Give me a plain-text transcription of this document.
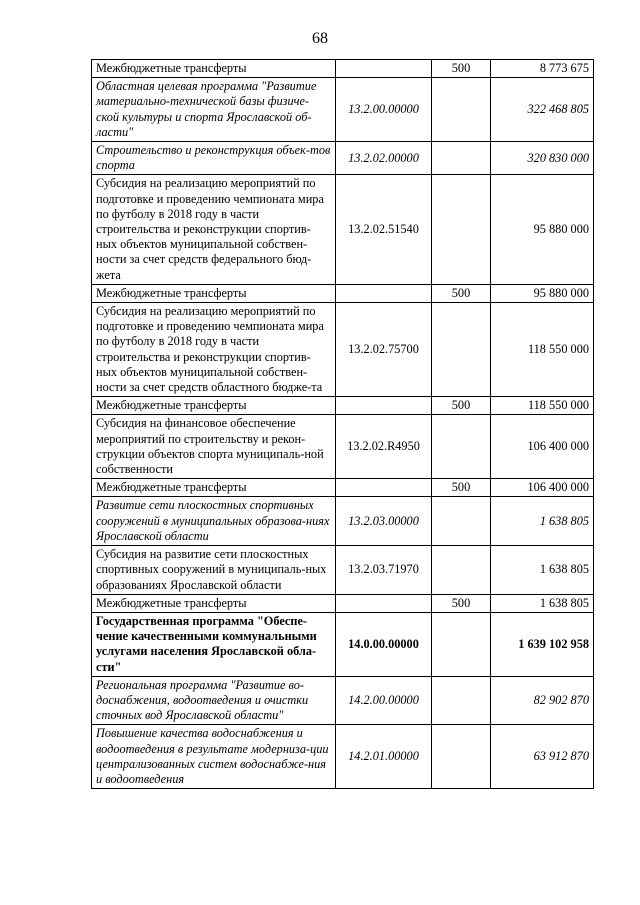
68
Межбюджетные трансферты		500	8 773 675
Областная целевая программа "Развитие материально-технической базы физиче-ской культуры и спорта Ярославской об-ласти"	13.2.00.00000		322 468 805
Строительство и реконструкция объек-тов спорта	13.2.02.00000		320 830 000
Субсидия на реализацию мероприятий по подготовке и проведению чемпионата мира по футболу в 2018 году в части строительства и реконструкции спортив-ных объектов муниципальной собствен-ности за счет средств федерального бюд-жета	13.2.02.51540		95 880 000
Межбюджетные трансферты		500	95 880 000
Субсидия на реализацию мероприятий по подготовке и проведению чемпионата мира по футболу в 2018 году в части строительства и реконструкции спортив-ных объектов муниципальной собствен-ности за счет средств областного бюдже-та	13.2.02.75700		118 550 000
Межбюджетные трансферты		500	118 550 000
Субсидия на финансовое обеспечение мероприятий по строительству и рекон-струкции объектов спорта муниципаль-ной собственности	13.2.02.R4950		106 400 000
Межбюджетные трансферты		500	106 400 000
Развитие сети плоскостных спортивных сооружений в муниципальных образова-ниях Ярославской области	13.2.03.00000		1 638 805
Субсидия на развитие сети плоскостных спортивных сооружений в муниципаль-ных образованиях Ярославской области	13.2.03.71970		1 638 805
Межбюджетные трансферты		500	1 638 805
Государственная программа "Обеспе-чение качественными коммунальными услугами населения Ярославской обла-сти"	14.0.00.00000		1 639 102 958
Региональная программа "Развитие во-доснабжения, водоотведения и очистки сточных вод Ярославской области"	14.2.00.00000		82 902 870
Повышение качества водоснабжения и водоотведения в результате модерниза-ции
централизованных систем водоснабже-ния и водоотведения	14.2.01.00000		63 912 870
